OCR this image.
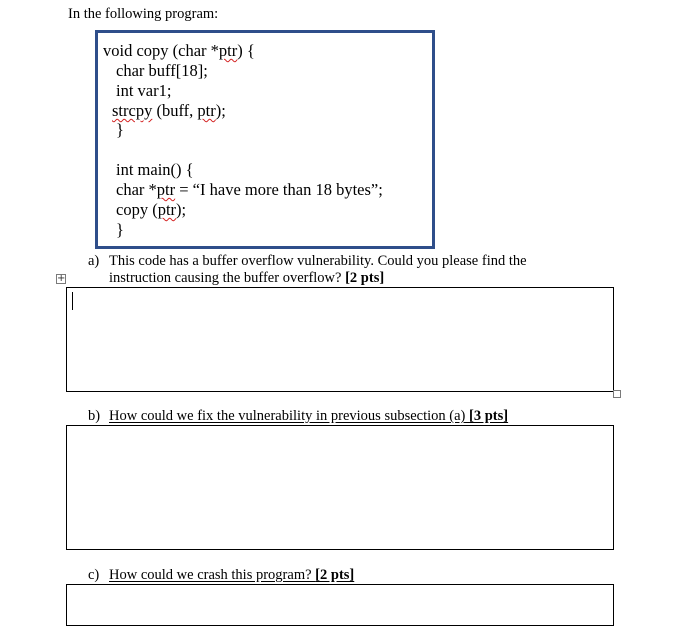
In the following program:
void copy (char *ptr) {
char buff[18];
int var1;
strcpy (buff, ptr);
}
int main() {
char *ptr = “I have more than 18 bytes”;
copy (ptr);
}
a) This code has a buffer overflow vulnerability. Could you please find the
instruction causing the buffer overflow? [2 pts]
+
b) How could we fix the vulnerability in previous subsection (a) [3 pts]
c) How could we crash this program? [2 pts]
